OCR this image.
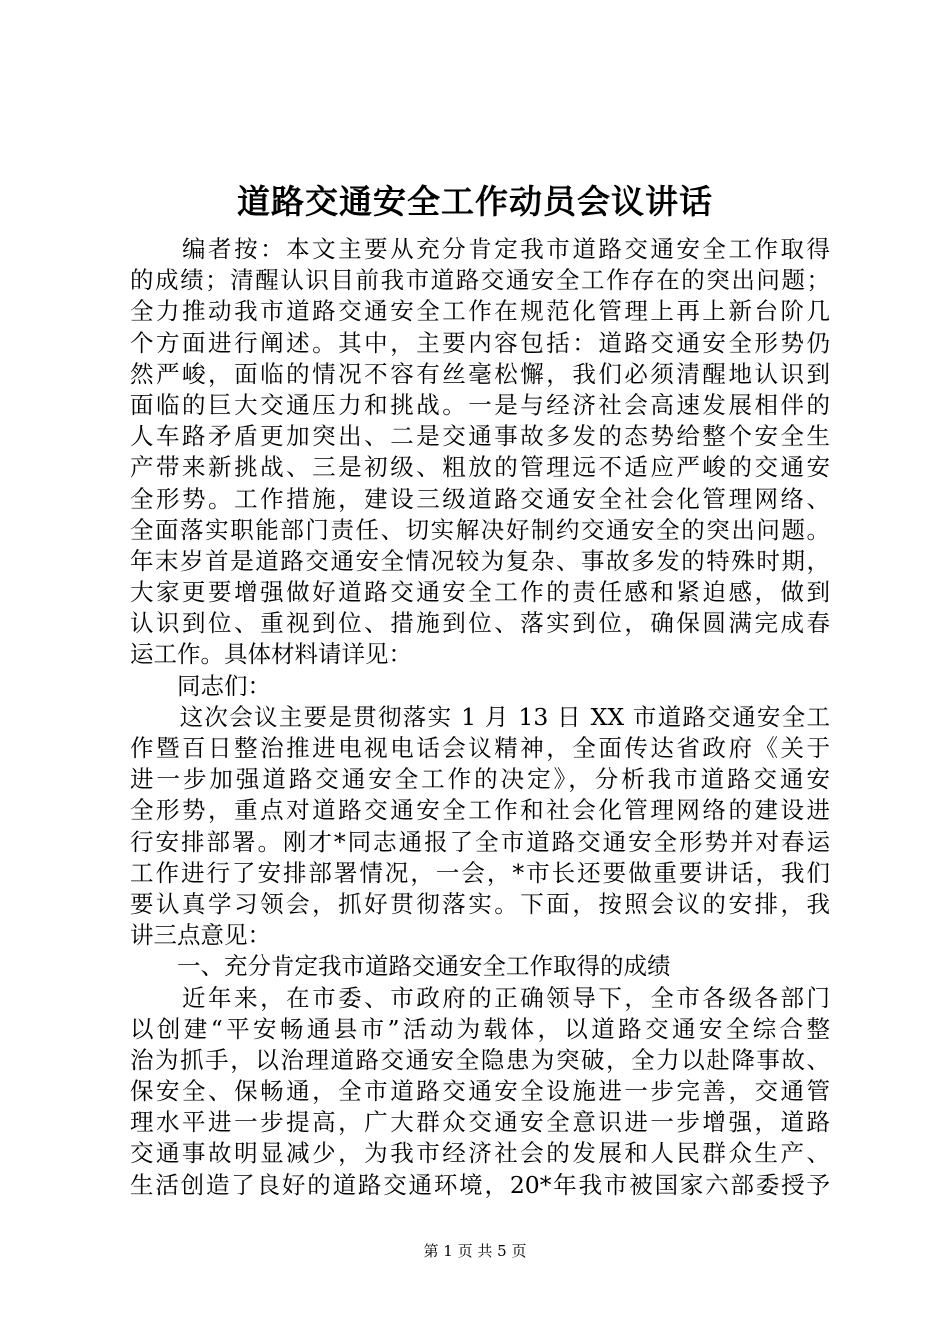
道路交通安全工作动员会议讲话
　　编者按：本文主要从充分肯定我市道路交通安全工作取得
的成绩；清醒认识目前我市道路交通安全工作存在的突出问题；
全力推动我市道路交通安全工作在规范化管理上再上新台阶几
个方面进行阐述。其中，主要内容包括：道路交通安全形势仍
然严峻，面临的情况不容有丝毫松懈，我们必须清醒地认识到
面临的巨大交通压力和挑战。一是与经济社会高速发展相伴的
人车路矛盾更加突出、二是交通事故多发的态势给整个安全生
产带来新挑战、三是初级、粗放的管理远不适应严峻的交通安
全形势。工作措施，建设三级道路交通安全社会化管理网络、
全面落实职能部门责任、切实解决好制约交通安全的突出问题。
年末岁首是道路交通安全情况较为复杂、事故多发的特殊时期，
大家更要增强做好道路交通安全工作的责任感和紧迫感，做到
认识到位、重视到位、措施到位、落实到位，确保圆满完成春
运工作。具体材料请详见：
　　同志们：
　　这次会议主要是贯彻落实 1 月 13 日 XX 市道路交通安全工
作暨百日整治推进电视电话会议精神，全面传达省政府《关于
进一步加强道路交通安全工作的决定》，分析我市道路交通安
全形势，重点对道路交通安全工作和社会化管理网络的建设进
行安排部署。刚才*同志通报了全市道路交通安全形势并对春运
工作进行了安排部署情况，一会，*市长还要做重要讲话，我们
要认真学习领会，抓好贯彻落实。下面，按照会议的安排，我
讲三点意见：
　　一、充分肯定我市道路交通安全工作取得的成绩
　　近年来，在市委、市政府的正确领导下，全市各级各部门
以创建“平安畅通县市”活动为载体，以道路交通安全综合整
治为抓手，以治理道路交通安全隐患为突破，全力以赴降事故、
保安全、保畅通，全市道路交通安全设施进一步完善，交通管
理水平进一步提高，广大群众交通安全意识进一步增强，道路
交通事故明显减少，为我市经济社会的发展和人民群众生产、
生活创造了良好的道路交通环境，20*年我市被国家六部委授予
第 1 页 共 5 页
